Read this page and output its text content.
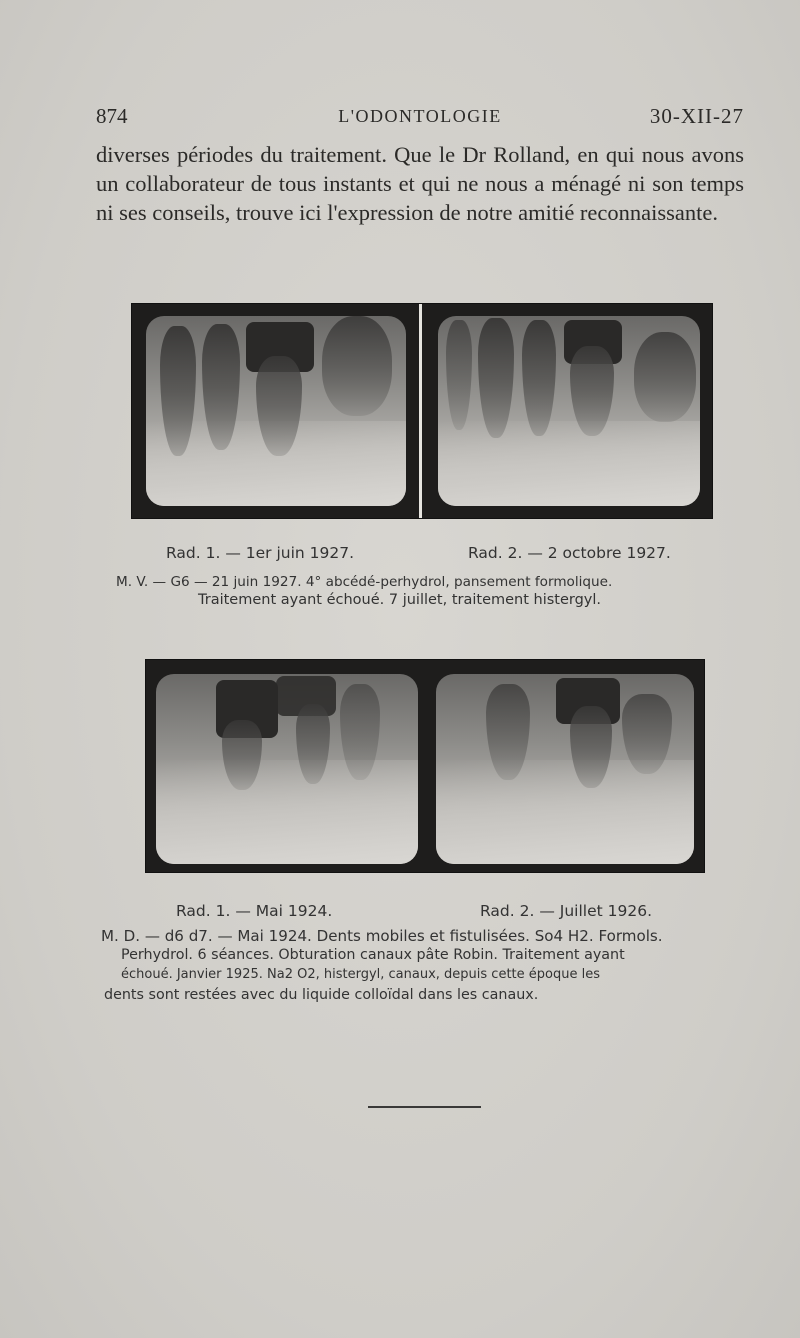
874	L'ODONTOLOGIE	30-XII-27

diverses périodes du traitement. Que le Dr Rolland, en qui nous avons un collaborateur de tous instants et qui ne nous a ménagé ni son temps ni ses conseils, trouve ici l'expression de notre amitié reconnaissante.

Rad. 1. — 1er juin 1927.	Rad. 2. — 2 octobre 1927.
M. V. — G6 — 21 juin 1927. 4° abcédé-perhydrol, pansement formolique.
Traitement ayant échoué. 7 juillet, traitement histergyl.
Rad. 1. — Mai 1924.	Rad. 2. — Juillet 1926.
M. D. — d6 d7. — Mai 1924. Dents mobiles et fistulisées. So4 H2. Formols.
Perhydrol. 6 séances. Obturation canaux pâte Robin. Traitement ayant
échoué. Janvier 1925. Na2 O2, histergyl, canaux, depuis cette époque les
dents sont restées avec du liquide colloïdal dans les canaux.
